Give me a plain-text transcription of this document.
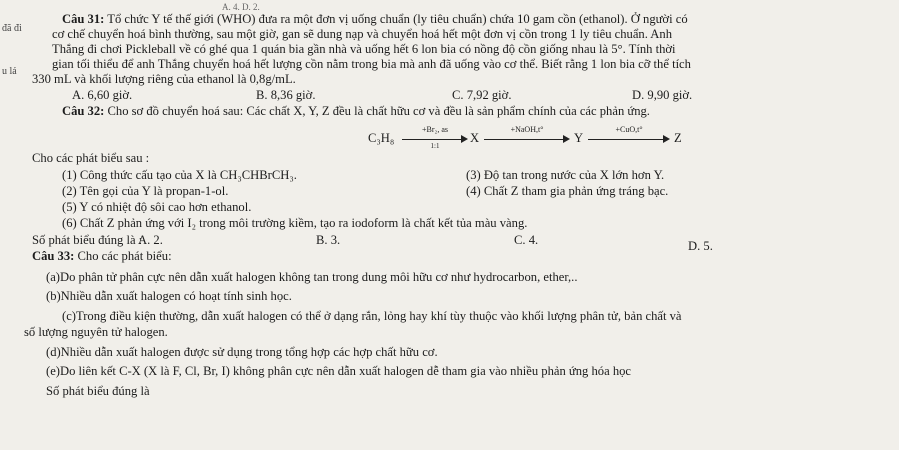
A. 4. D. 2.
đã đi
u lá
Câu 31: Tổ chức Y tế thế giới (WHO) đưa ra một đơn vị uống chuẩn (ly tiêu chuẩn) chứa 10 gam cồn (ethanol). Ở người có
cơ chế chuyển hoá bình thường, sau một giờ, gan sẽ dung nạp và chuyển hoá hết một đơn vị cồn trong 1 ly tiêu chuẩn. Anh
Thắng đi chơi Pickleball về có ghé qua 1 quán bia gần nhà và uống hết 6 lon bia có nồng độ cồn giống nhau là 5°. Tính thời
gian tối thiểu để anh Thắng chuyển hoá hết lượng cồn nằm trong bia mà anh đã uống vào cơ thể. Biết rằng 1 lon bia cỡ thể tích
330 mL và khối lượng riêng của ethanol là 0,8g/mL.
A. 6,60 giờ.	B. 8,36 giờ.	C. 7,92 giờ.	D. 9,90 giờ.
Câu 32: Cho sơ đồ chuyển hoá sau: Các chất X, Y, Z đều là chất hữu cơ và đều là sản phẩm chính của các phản ứng.
C₃H₈
+Br₂, as
1:1
X
+NaOH,t°
Y
+CuO,t°
Z
Cho các phát biểu sau :
(1) Công thức cấu tạo của X là CH₃CHBrCH₃.	(3) Độ tan trong nước của X lớn hơn Y.
(2) Tên gọi của Y là propan-1-ol.	(4) Chất Z tham gia phản ứng tráng bạc.
(5) Y có nhiệt độ sôi cao hơn ethanol.
(6) Chất Z phản ứng với I₂ trong môi trường kiềm, tạo ra iodoform là chất kết tủa màu vàng.
Số phát biểu đúng là :
A. 2.	B. 3.	C. 4.	D. 5.
Câu 33: Cho các phát biểu:
(a)Do phân tử phân cực nên dẫn xuất halogen không tan trong dung môi hữu cơ như hydrocarbon, ether,..
(b)Nhiều dẫn xuất halogen có hoạt tính sinh học.
(c)Trong điều kiện thường, dẫn xuất halogen có thể ở dạng rắn, lỏng hay khí tùy thuộc vào khối lượng phân tử, bản chất và
số lượng nguyên tử halogen.
(d)Nhiều dẫn xuất halogen được sử dụng trong tổng hợp các hợp chất hữu cơ.
(e)Do liên kết C-X (X là F, Cl, Br, I) không phân cực nên dẫn xuất halogen dễ tham gia vào nhiều phản ứng hóa học
Số phát biểu đúng là
